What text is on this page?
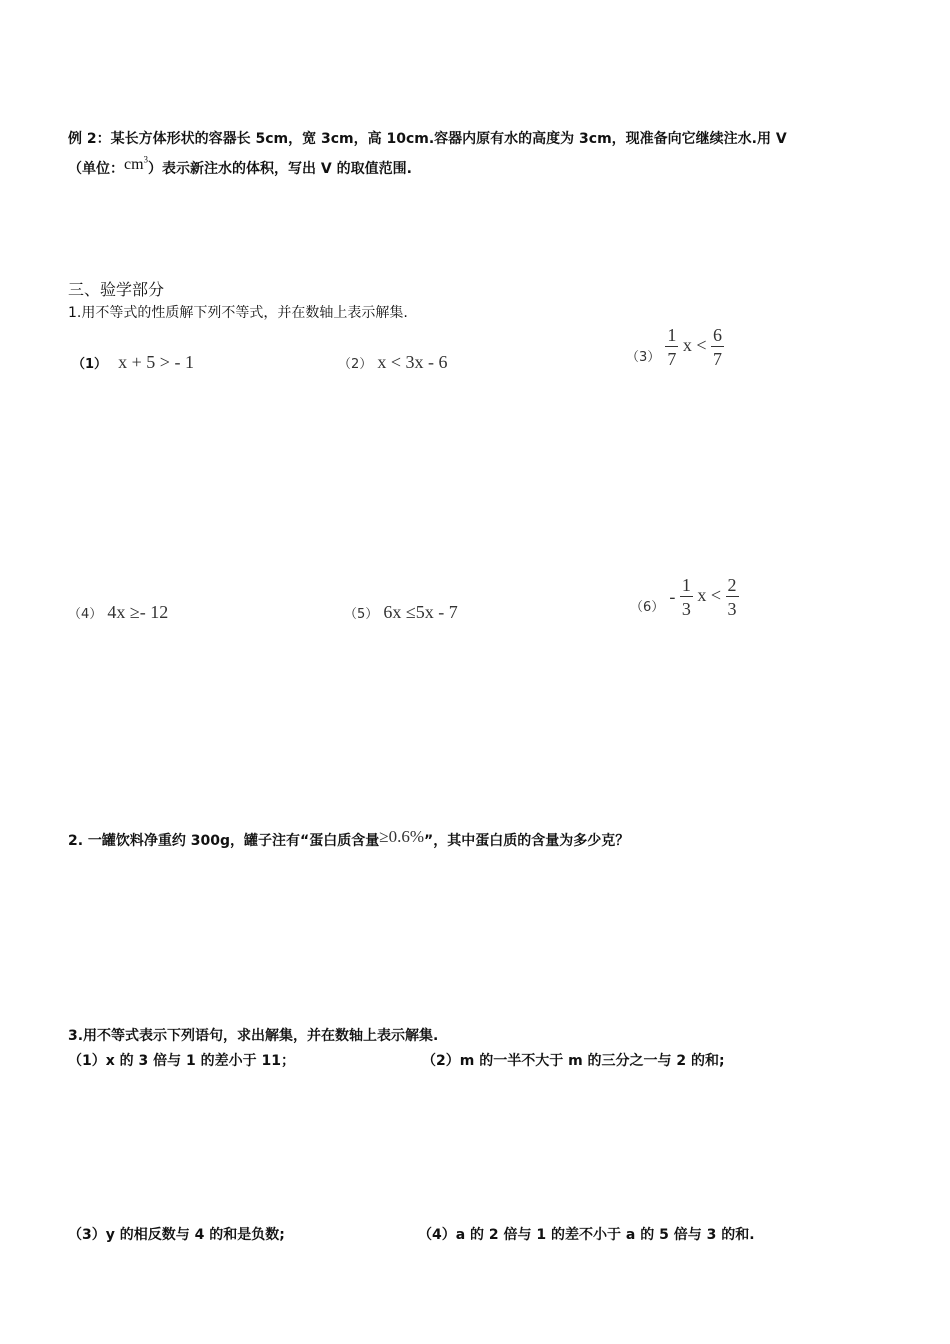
例 2：某长方体形状的容器长 5cm，宽 3cm，高 10cm.容器内原有水的高度为 3cm，现准备向它继续注水.用 V
（单位：$cm^3$）表示新注水的体积，写出 V 的取值范围.
三、验学部分
1.用不等式的性质解下列不等式，并在数轴上表示解集.
（1） x + 5 > - 1	（2） x < 3x - 6	$_{(3)} \frac{1}{7}$ $x < \frac{6}{7}$
（4） 4x ≥- 12	（5） 6x ≤5x - 7	$_{(6)} - \frac{1}{3}$ $x < \frac{2}{3}$
2. 一罐饮料净重约 300g，罐子注有“蛋白质含量≥0.6%”，其中蛋白质的含量为多少克？
3.用不等式表示下列语句，求出解集，并在数轴上表示解集.
（1）x 的 3 倍与 1 的差小于 11；	（2）m 的一半不大于 m 的三分之一与 2 的和;
（3）y 的相反数与 4 的和是负数;	（4）a 的 2 倍与 1 的差不小于 a 的 5 倍与 3 的和.
